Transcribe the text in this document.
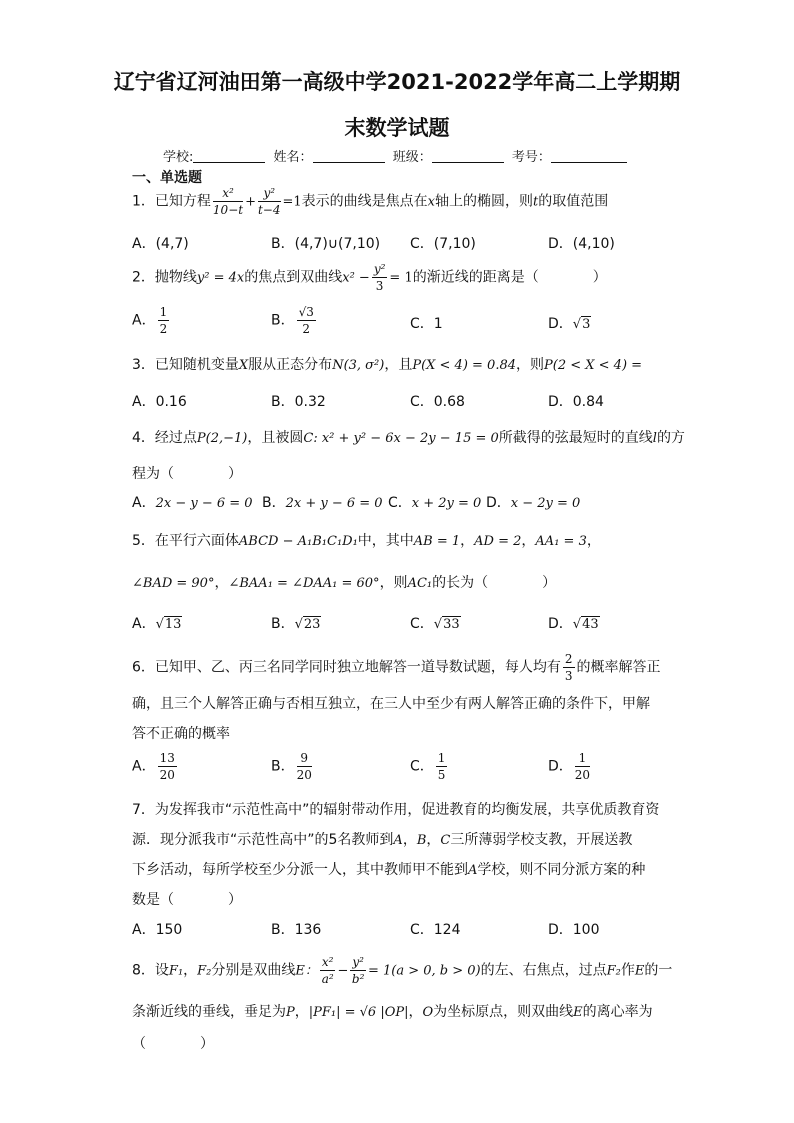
辽宁省辽河油田第一高级中学2021-2022学年高二上学期期
末数学试题
学校:	姓名：	班级：	考号：
一、单选题
1．已知方程 $\frac{\text{x²}}{10-t} + \frac{\text{y²}}{t-4} =1$表示的曲线是焦点在x轴上的椭圆，则t的取值范围
A．(4,7)	B．(4,7)∪(7,10) C．(7,10)	D．(4,10)
2．抛物线y² = 4x的焦点到双曲线$x^2 - \frac{\text{y²}}{3} = 1$的渐近线的距离是（	）
A． $\frac{1}{2}$	B． $\frac{√3}{2}$	C．1	D．√3
3．已知随机变量X服从正态分布N(3, σ²)，且P(X < 4) = 0.84，则P(2 < X < 4) =
A．0.16	B．0.32	C．0.68	D．0.84
4．经过点P(2,−1)，且被圆C: x² + y² − 6x − 2y − 15 = 0所截得的弦最短时的直线l的方
程为（	）
A．2x − y − 6 = 0 B．2x + y − 6 = 0 C．x + 2y = 0 D．x − 2y = 0
5．在平行六面体ABCD − A₁B₁C₁D₁中，其中AB = 1，AD = 2，AA₁ = 3，
∠BAD = 90°，∠BAA₁ = ∠DAA₁ = 60°，则AC₁的长为（	）
A．√13	B．√23	C．√33	D．√43
6．已知甲、乙、丙三名同学同时独立地解答一道导数试题，每人均有 $\frac{2}{3}$ 的概率解答正
确，且三个人解答正确与否相互独立，在三人中至少有两人解答正确的条件下，甲解
答不正确的概率
A． $\frac{13}{20}$	B． $\frac{9}{20}$	C． $\frac{1}{5}$	D． $\frac{1}{20}$
7．为发挥我市“示范性高中”的辐射带动作用，促进教育的均衡发展，共享优质教育资
源．现分派我市“示范性高中”的5名教师到A，B，C三所薄弱学校支教，开展送教
下乡活动，每所学校至少分派一人，其中教师甲不能到A学校，则不同分派方案的种
数是（	）
A．150	B．136	C．124	D．100
8．设F₁，F₂分别是双曲线E： $\frac{\text{x²}}{\text{a²}} - \frac{\text{y²}}{\text{b²}} = 1(a > 0$, b > 0)的左、右焦点，过点F₂作E的一
条渐近线的垂线，垂足为P，|PF₁| = √6 |OP|，O为坐标原点，则双曲线E的离心率为
（	）
